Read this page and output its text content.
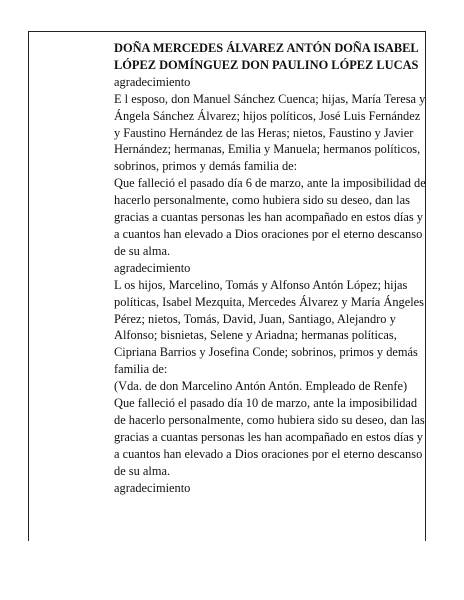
DOÑA MERCEDES ÁLVAREZ ANTÓN DOÑA ISABEL LÓPEZ DOMÍNGUEZ DON PAULINO LÓPEZ LUCAS

agradecimiento

E l esposo, don Manuel Sánchez Cuenca; hijas, María Teresa y Ángela Sánchez Álvarez; hijos políticos, José Luis Fernández y Faustino Hernández de las Heras; nietos, Faustino y Javier Hernández; hermanas, Emilia y Manuela; hermanos políticos, sobrinos, primos y demás familia de:

Que falleció el pasado día 6 de marzo, ante la imposibilidad de hacerlo personalmente, como hubiera sido su deseo, dan las gracias a cuantas personas les han acompañado en estos días y a cuantos han elevado a Dios oraciones por el eterno descanso de su alma.

agradecimiento

L os hijos, Marcelino, Tomás y Alfonso Antón López; hijas políticas, Isabel Mezquita, Mercedes Álvarez y María Ángeles Pérez; nietos, Tomás, David, Juan, Santiago, Alejandro y Alfonso; bisnietas, Selene y Ariadna; hermanas políticas, Cipriana Barrios y Josefina Conde; sobrinos, primos y demás familia de:

(Vda. de don Marcelino Antón Antón. Empleado de Renfe)

Que falleció el pasado día 10 de marzo, ante la imposibilidad de hacerlo personalmente, como hubiera sido su deseo, dan las gracias a cuantas personas les han acompañado en estos días y a cuantos han elevado a Dios oraciones por el eterno descanso de su alma.

agradecimiento
